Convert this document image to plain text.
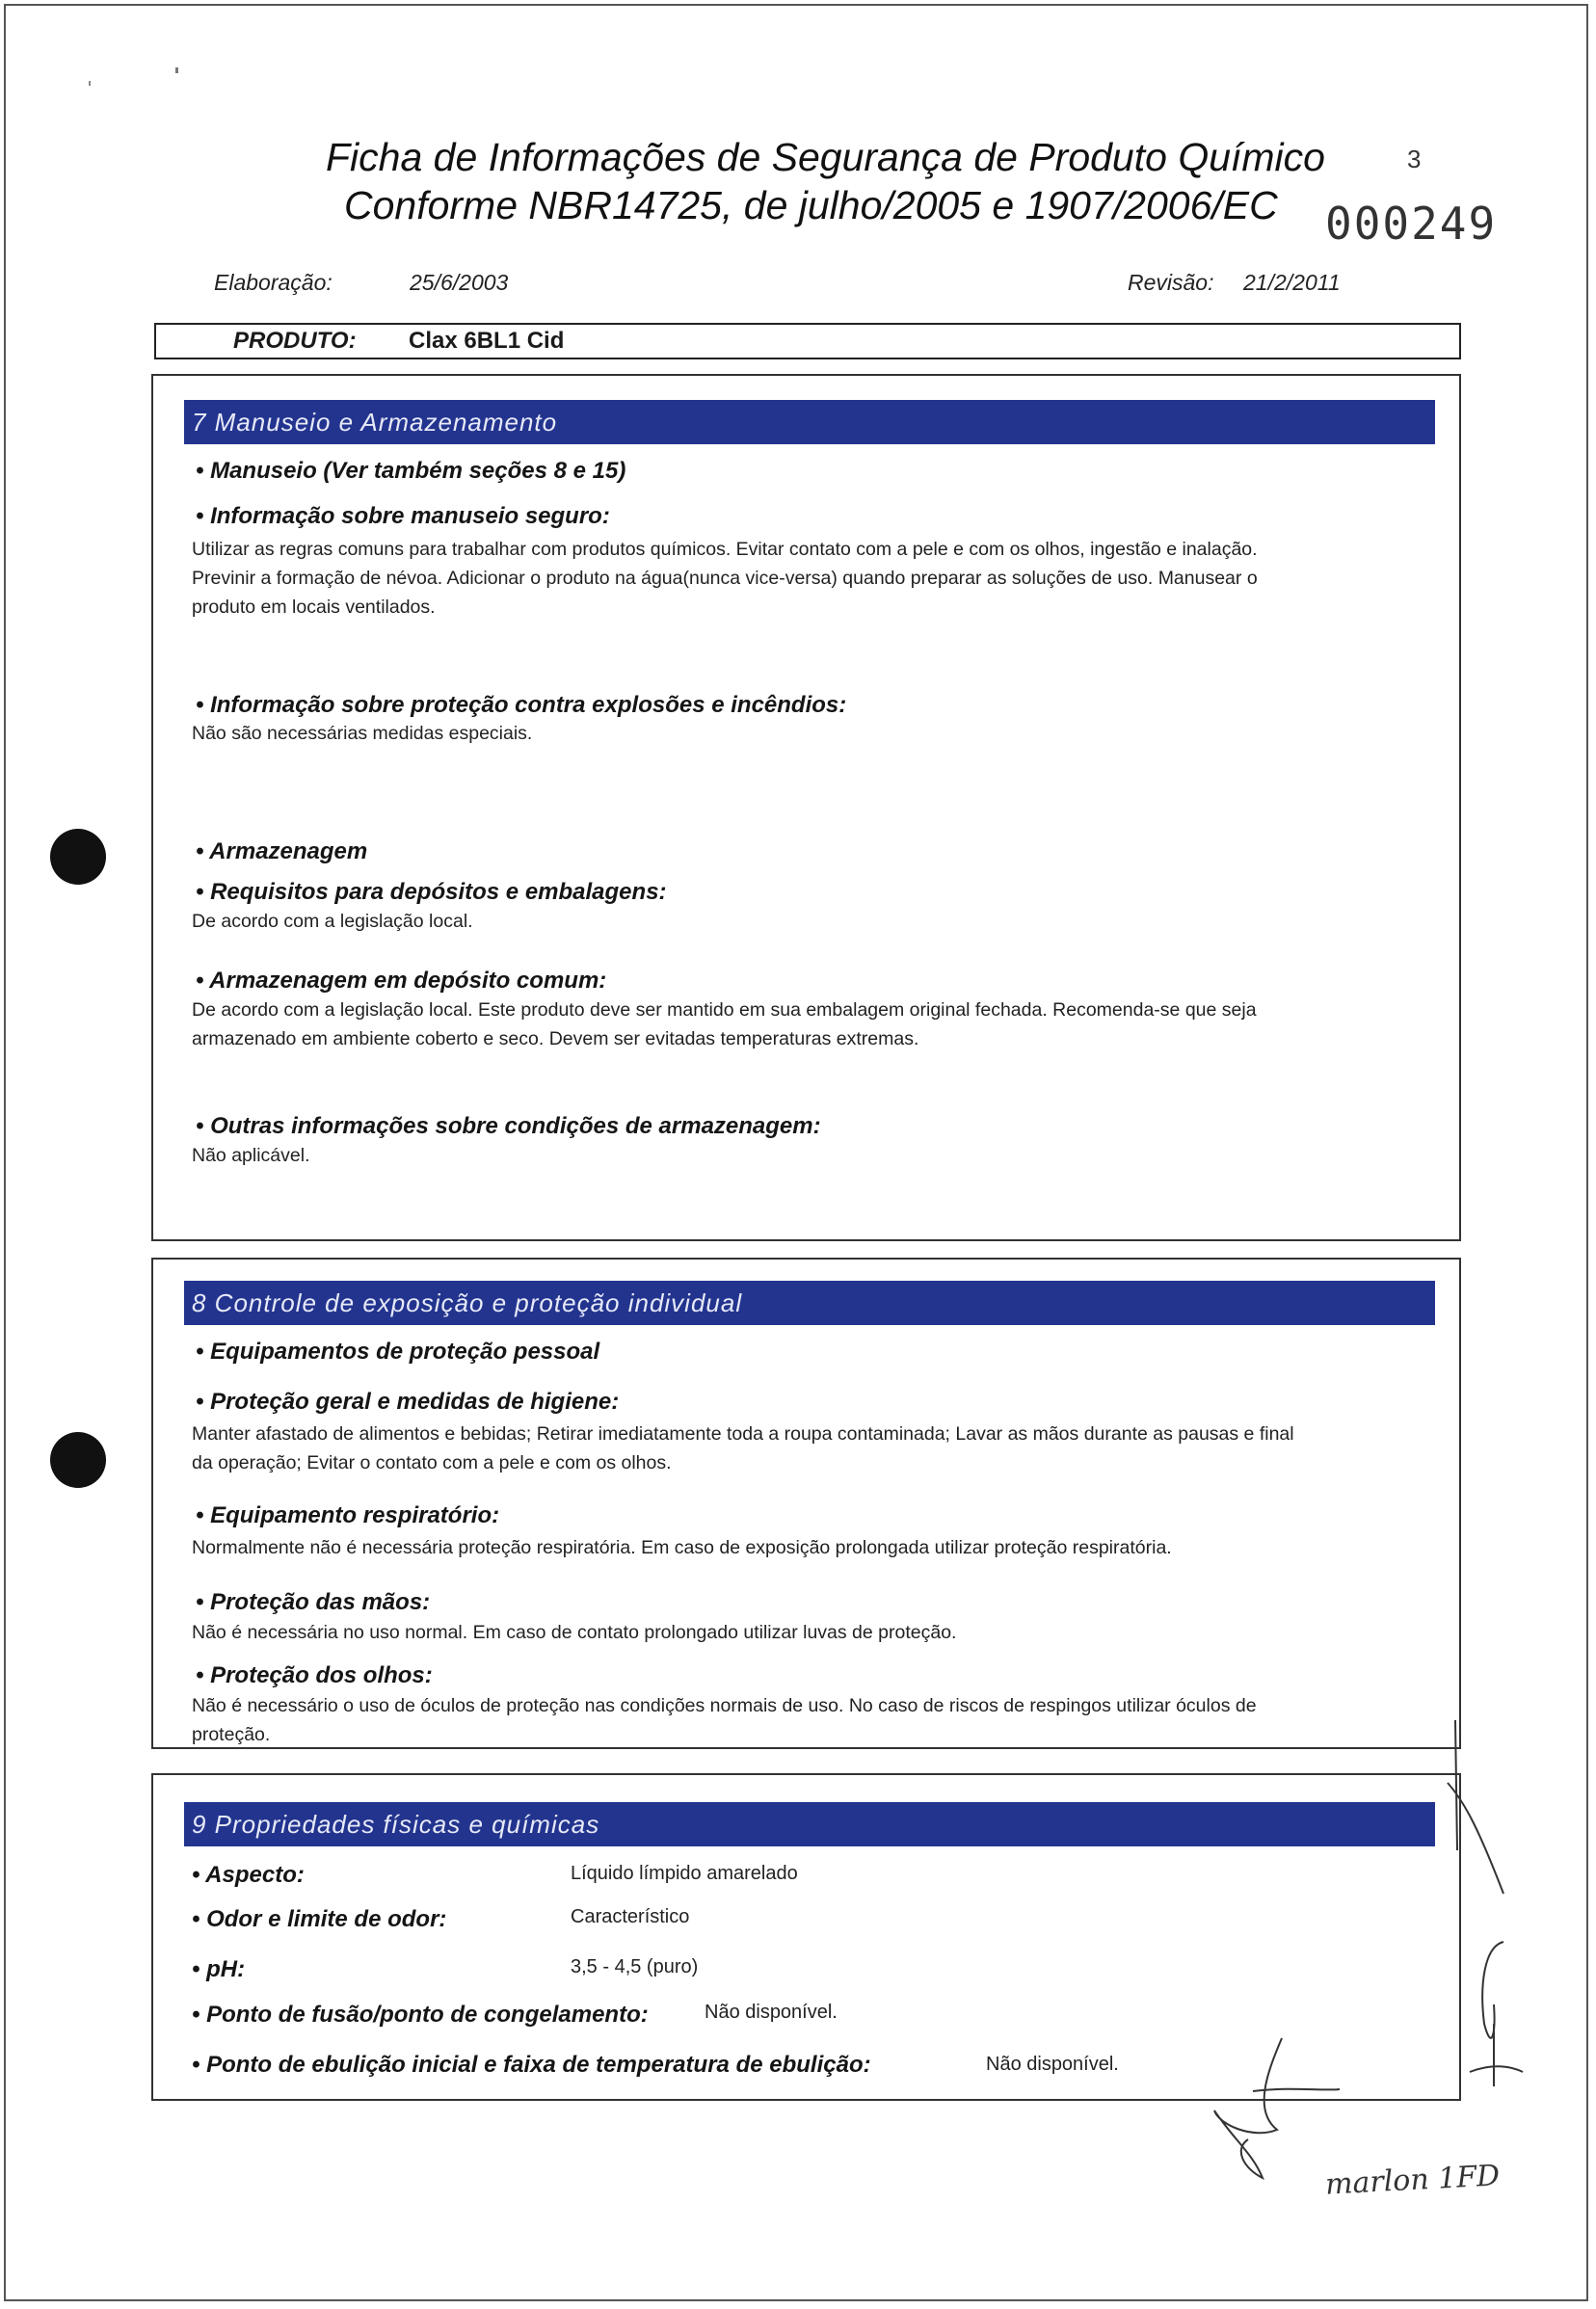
Ficha de Informações de Segurança de Produto Químico
Conforme NBR14725, de julho/2005 e 1907/2006/EC
3
000249
Elaboração:	25/6/2003	Revisão: 21/2/2011
PRODUTO: Clax 6BL1 Cid
7 Manuseio e Armazenamento
• Manuseio (Ver também seções 8 e 15)
• Informação sobre manuseio seguro:
Utilizar as regras comuns para trabalhar com produtos químicos. Evitar contato com a pele e com os olhos, ingestão e inalação.
Previnir a formação de névoa. Adicionar o produto na água(nunca vice-versa) quando preparar as soluções de uso. Manusear o
produto em locais ventilados.
• Informação sobre proteção contra explosões e incêndios:
Não são necessárias medidas especiais.
• Armazenagem
• Requisitos para depósitos e embalagens:
De acordo com a legislação local.
• Armazenagem em depósito comum:
De acordo com a legislação local. Este produto deve ser mantido em sua embalagem original fechada. Recomenda-se que seja
armazenado em ambiente coberto e seco. Devem ser evitadas temperaturas extremas.
• Outras informações sobre condições de armazenagem:
Não aplicável.
8 Controle de exposição e proteção individual
• Equipamentos de proteção pessoal
• Proteção geral e medidas de higiene:
Manter afastado de alimentos e bebidas; Retirar imediatamente toda a roupa contaminada; Lavar as mãos durante as pausas e final
da operação; Evitar o contato com a pele e com os olhos.
• Equipamento respiratório:
Normalmente não é necessária proteção respiratória. Em caso de exposição prolongada utilizar proteção respiratória.
• Proteção das mãos:
Não é necessária no uso normal. Em caso de contato prolongado utilizar luvas de proteção.
• Proteção dos olhos:
Não é necessário o uso de óculos de proteção nas condições normais de uso. No caso de riscos de respingos utilizar óculos de
proteção.
9 Propriedades físicas e químicas
• Aspecto:	Líquido límpido amarelado
• Odor e limite de odor:	Característico
• pH:	3,5 - 4,5 (puro)
• Ponto de fusão/ponto de congelamento:	Não disponível.
• Ponto de ebulição inicial e faixa de temperatura de ebulição:	Não disponível.
marlon 1FD
